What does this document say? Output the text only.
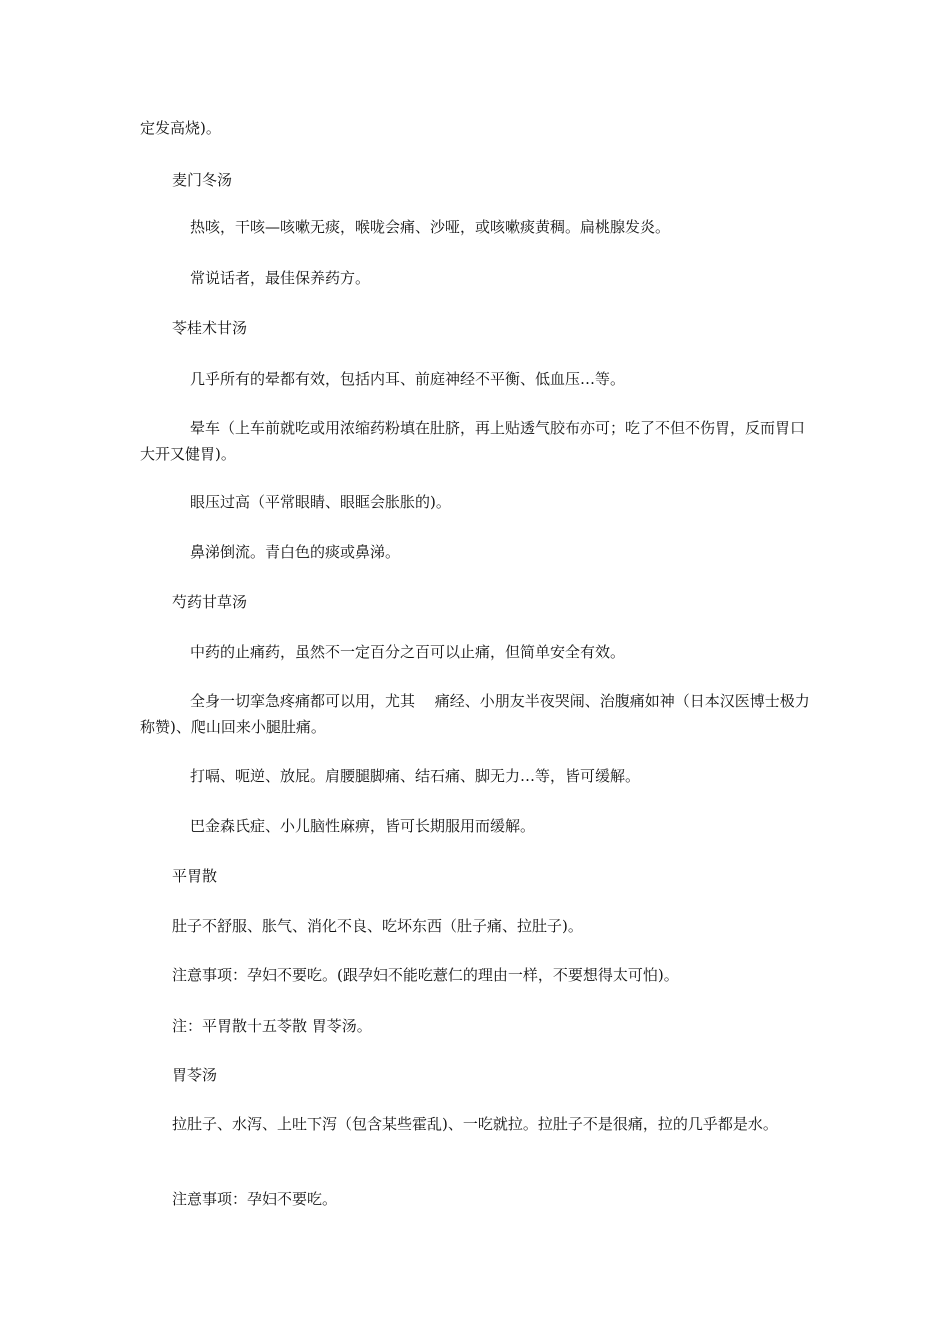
定发高烧)。

麦门冬汤

热咳，干咳—咳嗽无痰，喉咙会痛、沙哑，或咳嗽痰黄稠。扁桃腺发炎。

常说话者，最佳保养药方。

苓桂术甘汤

几乎所有的晕都有效，包括内耳、前庭神经不平衡、低血压…等。

晕车（上车前就吃或用浓缩药粉填在肚脐，再上贴透气胶布亦可；吃了不但不伤胃，反而胃口大开又健胃)。

眼压过高（平常眼睛、眼眶会胀胀的)。

鼻涕倒流。青白色的痰或鼻涕。

芍药甘草汤

中药的止痛药，虽然不一定百分之百可以止痛，但简单安全有效。

全身一切挛急疼痛都可以用，尤其　 痛经、小朋友半夜哭闹、治腹痛如神（日本汉医博士极力称赞)、爬山回来小腿肚痛。

打嗝、呃逆、放屁。肩腰腿脚痛、结石痛、脚无力…等，皆可缓解。

巴金森氏症、小儿脑性麻痹，皆可长期服用而缓解。

平胃散

肚子不舒服、胀气、消化不良、吃坏东西（肚子痛、拉肚子)。

注意事项：孕妇不要吃。(跟孕妇不能吃薏仁的理由一样，不要想得太可怕)。

注：平胃散十五苓散 胃苓汤。

胃苓汤

拉肚子、水泻、上吐下泻（包含某些霍乱)、一吃就拉。拉肚子不是很痛，拉的几乎都是水。

注意事项：孕妇不要吃。
